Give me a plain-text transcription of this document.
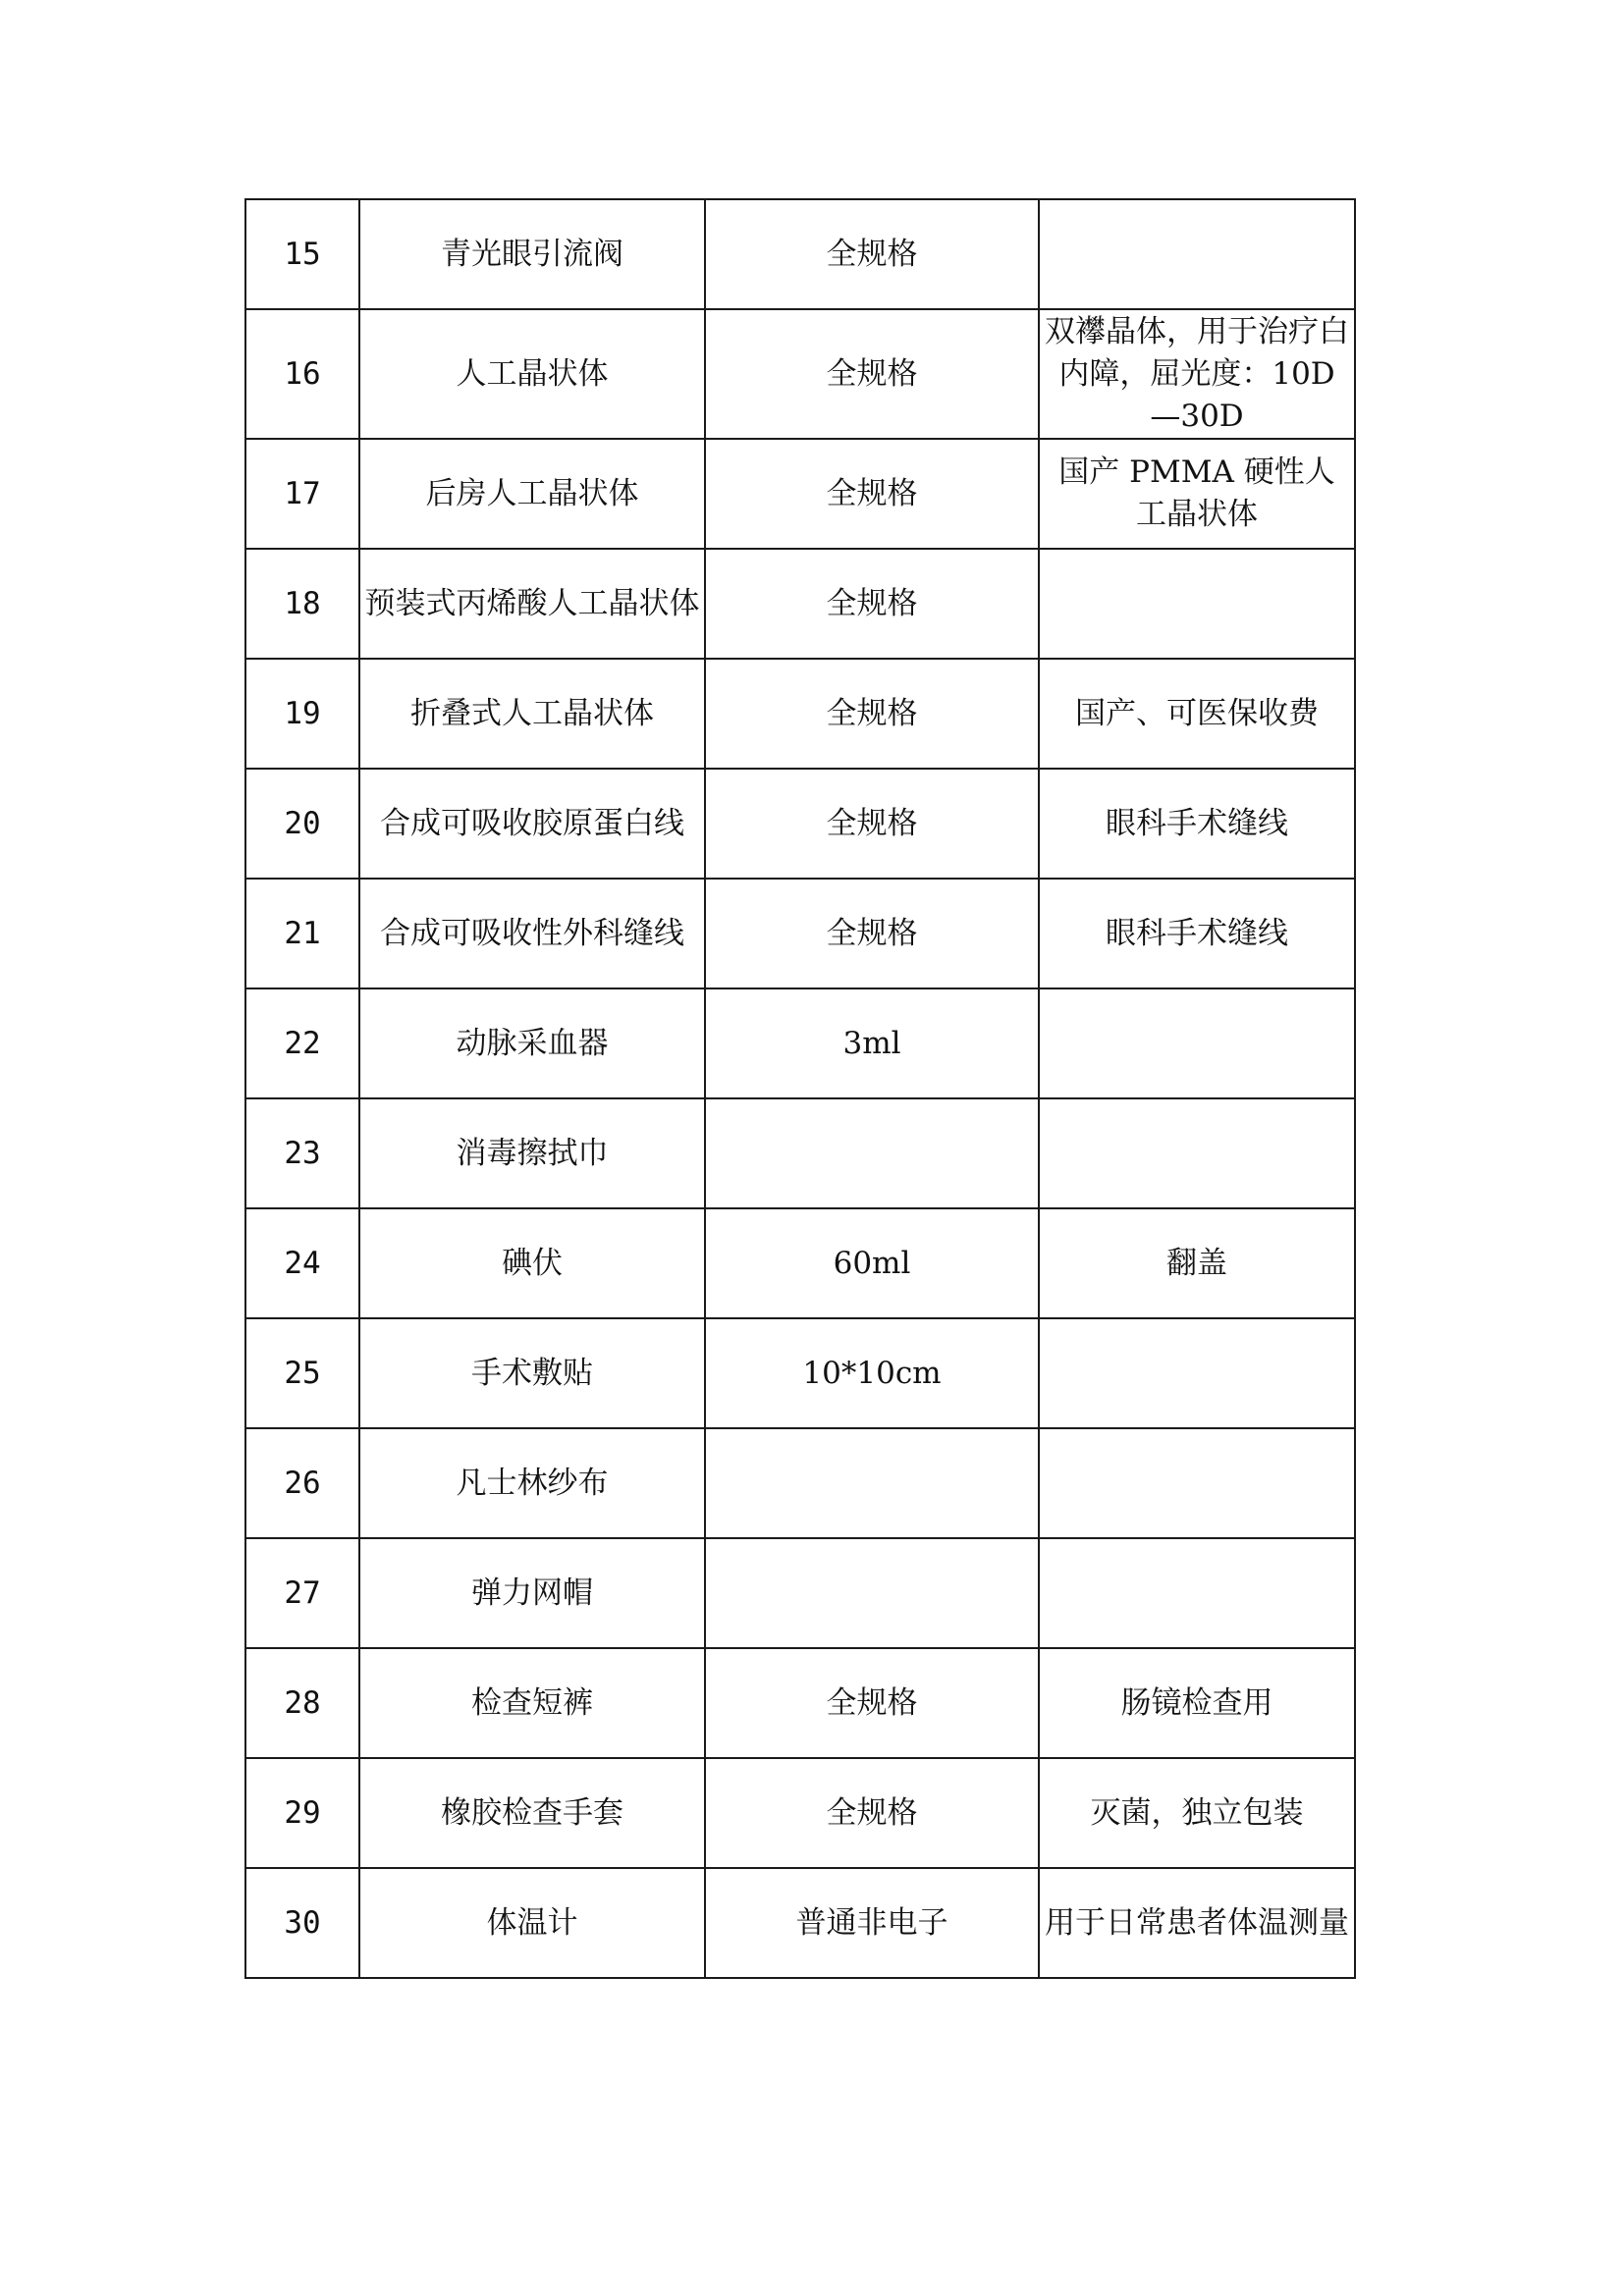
15	青光眼引流阀	全规格	
16	人工晶状体	全规格	双襻晶体，用于治疗白内障，屈光度：10D—30D
17	后房人工晶状体	全规格	国产 PMMA 硬性人工晶状体
18	预装式丙烯酸人工晶状体	全规格	
19	折叠式人工晶状体	全规格	国产、可医保收费
20	合成可吸收胶原蛋白线	全规格	眼科手术缝线
21	合成可吸收性外科缝线	全规格	眼科手术缝线
22	动脉采血器	3ml	
23	消毒擦拭巾		
24	碘伏	60ml	翻盖
25	手术敷贴	10*10cm	
26	凡士林纱布		
27	弹力网帽		
28	检查短裤	全规格	肠镜检查用
29	橡胶检查手套	全规格	灭菌，独立包装
30	体温计	普通非电子	用于日常患者体温测量
